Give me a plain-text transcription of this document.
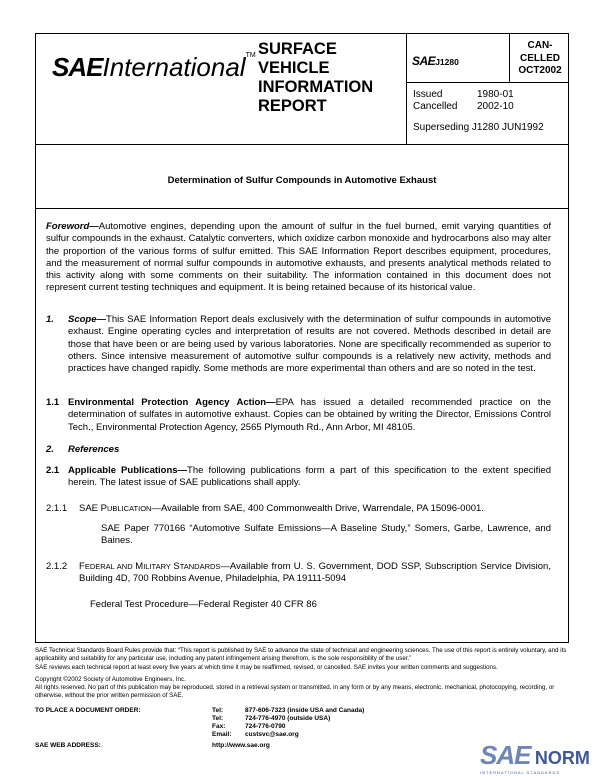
SAEInternational™ SURFACE
VEHICLE
INFORMATION
REPORT
SAEJ1280
CAN-
CELLED
OCT2002
Issued	1980-01
Cancelled 2002-10
Superseding J1280 JUN1992
Determination of Sulfur Compounds in Automotive Exhaust
Foreword—Automotive engines, depending upon the amount of sulfur in the fuel burned, emit varying quantities of sulfur compounds in the exhaust. Catalytic converters, which oxidize carbon monoxide and hydrocarbons also may alter the proportion of the various forms of sulfur emitted. This SAE Information Report describes equipment, procedures, and the measurement of normal sulfur compounds in automotive exhausts, and presents analytical methods related to this activity along with some comments on their suitability. The information contained in this document does not represent current testing techniques and equipment. It is being retained because of its historical value.
1. Scope—This SAE Information Report deals exclusively with the determination of sulfur compounds in automotive exhaust. Engine operating cycles and interpretation of results are not covered. Methods described in detail are those that have been or are being used by various laboratories. None are specifically recommended as superior to others. Since intensive measurement of automotive sulfur compounds is a relatively new activity, methods and practices have changed rapidly. Some methods are more experimental than others and are so noted in the test.
1.1 Environmental Protection Agency Action—EPA has issued a detailed recommended practice on the determination of sulfates in automotive exhaust. Copies can be obtained by writing the Director, Emissions Control Tech., Environmental Protection Agency, 2565 Plymouth Rd., Ann Arbor, MI 48105.
2. References
2.1 Applicable Publications—The following publications form a part of this specification to the extent specified herein. The latest issue of SAE publications shall apply.
2.1.1 SAE PUBLICATION—Available from SAE, 400 Commonwealth Drive, Warrendale, PA 15096-0001.
SAE Paper 770166 “Automotive Sulfate Emissions—A Baseline Study,” Somers, Garbe, Lawrence, and Baines.
2.1.2 FEDERAL AND MILITARY STANDARDS—Available from U. S. Government, DOD SSP, Subscription Service Division, Building 4D, 700 Robbins Avenue, Philadelphia, PA 19111-5094
Federal Test Procedure—Federal Register 40 CFR 86
SAE Technical Standards Board Rules provide that: “This report is published by SAE to advance the state of technical and engineering sciences. The use of this report is entirely voluntary, and its applicability and suitability for any particular use, including any patent infringement arising therefrom, is the sole responsibility of the user.”
SAE reviews each technical report at least every five years at which time it may be reaffirmed, revised, or cancelled. SAE invites your written comments and suggestions.
Copyright ©2002 Society of Automotive Engineers, Inc.
All rights reserved. No part of this publication may be reproduced, stored in a retrieval system or transmitted, in any form or by any means, electronic, mechanical, photocopying, recording, or otherwise, without the prior written permission of SAE.
TO PLACE A DOCUMENT ORDER:	Tel:	877-606-7323 (inside USA and Canada)
Tel:	724-776-4970 (outside USA)
Fax:	724-776-0790
Email: custsvc@sae.org
SAE WEB ADDRESS:	http://www.sae.org	SAE NORM
INTERNATIONAL STANDARDS
